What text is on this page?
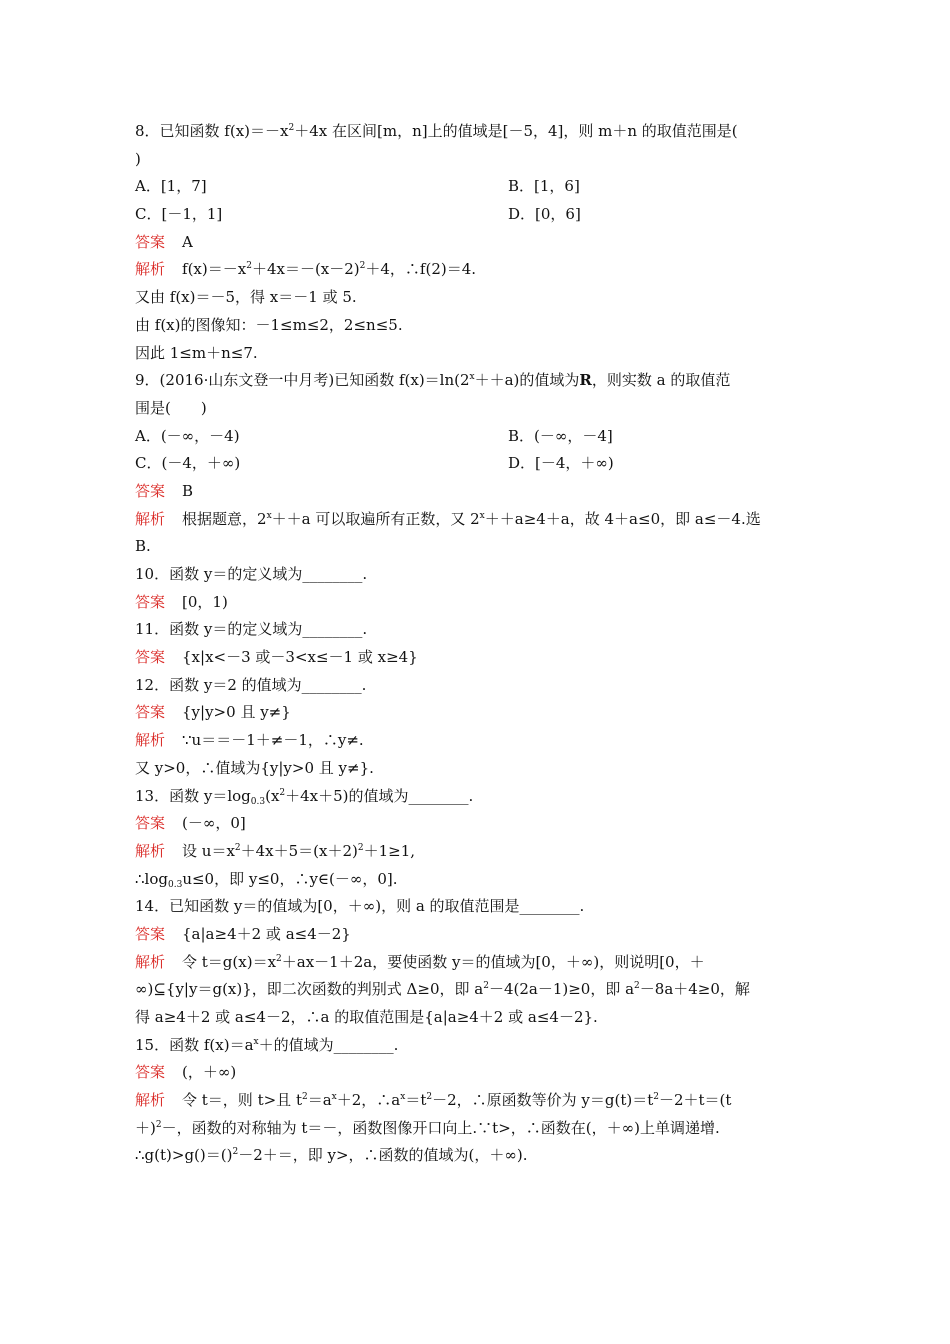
8．已知函数 $f(x)=-x^2+4x$ 在区间[m，n]上的值域是[－5，4]，则 m＋n 的取值范围是(
)
A．[1，7]	B．[1，6]
C．[－1，1]	D．[0，6]
答案 A
解析 $f(x)=-x^2+4x=-(x-2)^2+4$，∴f(2)＝4.
又由 f(x)＝－5，得 x＝－1 或 5.
由 f(x)的图像知：－1≤m≤2，2≤n≤5.
因此 1≤m＋n≤7.
9．(2016·山东文登一中月考)已知函数 $f(x)=\ln(2^x++a)$的值域为R，则实数 a 的取值范
围是(　　)
A．(－∞，－4)	B．(－∞，－4]
C．(－4，＋∞)	D．[－4，＋∞)
答案 B
解析 根据题意，$2^x++a$ 可以取遍所有正数，又 $2^x++a\ge 4+a$，故 4＋a≤0，即 a≤－4.选
B.
10．函数 y＝的定义域为________.
答案 [0，1)
11．函数 y＝的定义域为________.
答案 {x|x<－3 或－3<x≤－1 或 x≥4}
12．函数 y＝2 的值域为________.
答案 {y|y>0 且 y≠}
解析 ∵u＝＝－1＋≠－1，∴y≠.
又 y>0，∴值域为{y|y>0 且 y≠}.
13．函数 $y=\log_{0.3}(x^2+4x+5)$的值域为________.
答案 (－∞，0]
解析 设 $u=x^2+4x+5=(x+2)^2+1\ge 1$,
$\therefore\log_{0.3}u\le 0$，即 y≤0，∴y∈(－∞，0].
14．已知函数 y＝的值域为[0，＋∞)，则 a 的取值范围是________.
答案 {a|a≥4＋2 或 a≤4－2}
解析 令 $t=g(x)=x^2+ax-1+2a$，要使函数 y＝的值域为[0，＋∞)，则说明[0，＋
∞)⊆{y|y＝g(x)}，即二次函数的判别式 Δ≥0，即 $a^2-4(2a-1)\ge 0$，即 $a^2-8a+4\ge 0$，解
得 a≥4＋2 或 a≤4－2，∴a 的取值范围是{a|a≥4＋2 或 a≤4－2}.
15．函数 $f(x)=a^x+$的值域为________.
答案 (，＋∞)
解析 令 t＝，则 t>且 $t^2=a^x+2$，$\therefore a^x=t^2-2$，∴原函数等价为 $y=g(t)=t^2-2+t=(t$
＋)$^2$－，函数的对称轴为 t＝－，函数图像开口向上.∵t>，∴函数在(，＋∞)上单调递增.
∴g(t)>g()＝()$^2$－2＋＝，即 y>，∴函数的值域为(，＋∞).
